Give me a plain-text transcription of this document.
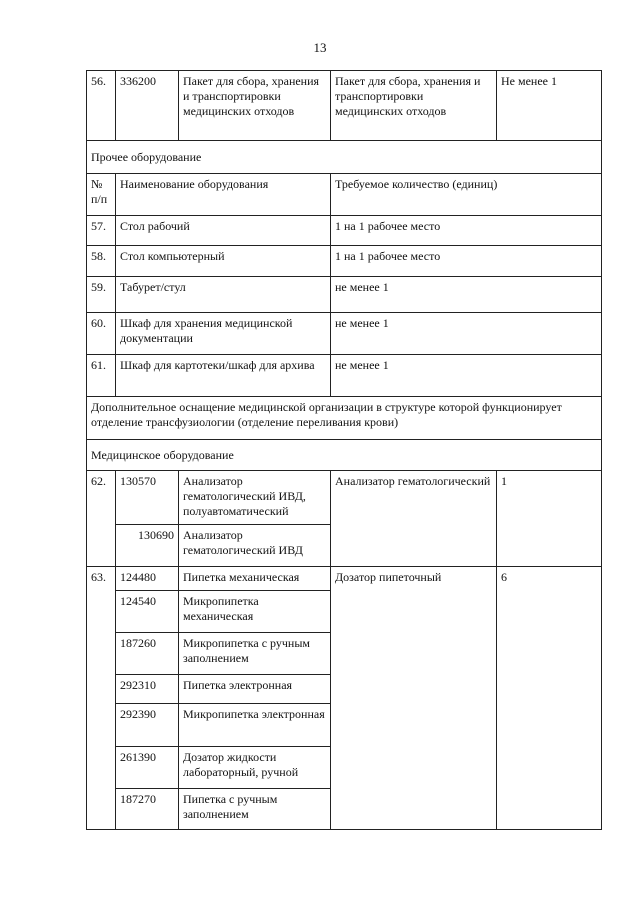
13
56.	336200	Пакет для сбора, хранения и транспортировки медицинских отходов	Пакет для сбора, хранения и транспортировки медицинских отходов	Не менее 1
Прочее оборудование				
№ п/п	Наименование оборудования		Требуемое количество (единиц)	
57.	Стол рабочий		1 на 1 рабочее место	
58.	Стол компьютерный		1 на 1 рабочее место	
59.	Табурет/стул		не менее 1	
60.	Шкаф для хранения медицинской документации		не менее 1	
61.	Шкаф для картотеки/шкаф для архива		не менее 1	
Дополнительное оснащение медицинской организации в структуре которой функционирует отделение трансфузиологии (отделение переливания крови)				
Медицинское оборудование				
62.	130570	Анализатор гематологический ИВД, полуавтоматический	Анализатор гематологический	1
	130690	Анализатор гематологический ИВД		
63.	124480	Пипетка механическая	Дозатор пипеточный	6
	124540	Микропипетка механическая		
	187260	Микропипетка с ручным заполнением		
	292310	Пипетка электронная		
	292390	Микропипетка электронная		
	261390	Дозатор жидкости лабораторный, ручной		
	187270	Пипетка с ручным заполнением		
